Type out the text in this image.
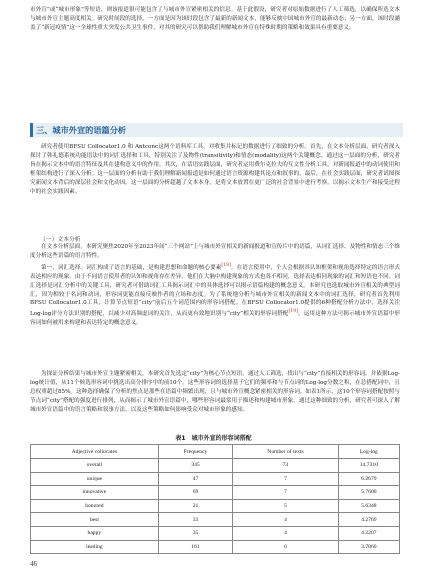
市外宣”或“城市形象”等短语，则该报道很可能包含了与城市外宣紧密相关的信息。基于此假设，研究者对原始数据进行了人工筛选，以确保所选文本与城市外宣主题高度相关。研究时间段的选择，一方面是因为该时段包含了最新的新闻文本，能够反映中国城市外宣的最新动态；另一方面，该时段涵盖了“新冠疫情”这一全球性重大突发公共卫生事件，对其的研究可以帮助我们理解城市外宣在特殊时期的策略和效果具有重要意义。

三、城市外宣的语篇分析

研究者使用BFSU Collocator1.0 和 Antconc这两个语料库工具，对收集并标记的数据进行了细致的分析。首先，在文本分析层面，研究者深入探讨了韩礼德系统功能语法中的词汇选择和工具，特别关注了及物性(transitivity)和情态(modality)这两个关键概念。通过这一层面的分析，研究者旨在揭示文本中的语言特征及其在建构意义中的作用。其次，在话语实践层面，研究者运用费尔克拉夫的互文性分析工具，对新闻报道中的动词使用和框架结构进行了深入分析。这一层面的分析有助于我们理解新闻报道是如何通过语言资源构建其论点和叙事的。最后，在社会实践层面，研究者试图探究新闻文本背后的深层社会和文化动因。这一层面的分析超越了文本本身，是将文本放置在更广泛的社会背景中进行考察，以揭示文本生产和接受过程中的社会实践因素。

（一）文本分析

在文本分析层面，本研究聚焦2020年至2023年间“三个网站”上与城市外宣相关的新闻报道和宣传片中的语篇，从词汇选择、及物性和情态三个维度分析这些语篇的语言特性。

第一，词汇选择。词汇构成了语言的基础，是构建思想和命题的核心要素[18]。在语言使用中，个人会根据其认知框架和视角选择特定的语言形式表达相应的现象。由于不同语言使用者的认知和视角存在差异，他们在大脑中构建现象的方式也各不相同，选择表达相同现象的词汇和短语也不同。词汇选择是词汇分析中的关键工具，研究者可借助词汇工具揭示词汇中的具体选择可以揭示语篇构建的概念意义。本研究也选取城市外宣相关的典型词汇，因为相较于名词和动词，形容词更能直接反映作者的立场和态度。为了系统地分析与城市外宣相关的新闻文本中的词汇选择，研究者首先利用BFSU Collocator1.0工具，计算节点短语“city”前后五个词范围内的形容词搭配。在BFSU Collocator1.0提供的6种搭配分析方法中，选择关注Log-log评分方法识别的搭配，以减少对高频虚词的关注，从而更有效地识别与“city”相关的形容词搭配[19]。运用这种方法可揭示城市外宣语篇中形容词如何被用来构建和表达特定的概念意义。

为探证分析结果与城市外宣主题紧密相关，本研究首先选定“city”为核心节点短语。通过人工筛选，找出与“city”直接相关的形容词，并依据Log-log统计值，从11个候选形容词中挑选出高分排序中的前10个。这些形容词的选择基于它们的频率和与节点词的Log-log分数之积，在总搭配词中，且总权重超过85%。这种选择确保了分析的焦点是那些在语篇中频繁出现，且与城市外宣概念紧密相关的形容词。如表1所示，这10个形容词搭配按照与节点词“city”搭配的强度进行排列，从而揭示了城市外宣语篇中，哪些形容词最常用于描述和构建城市形象。通过这种细致的分析，研究者可深入了解城市外宣语篇中的语言策略和叙事方法，以及这些策略如何影响受众对城市形象的感知。

表1　城市外宣的形容词搭配
Adjective collocates	Frequency	Number of texts	Log-log
overall	345	73	14.7310
unique	47	7	6.2679
innovative	69	7	5.7600
honored	21	5	5.6348
best	33	4	4.2769
happy	35	4	4.2207
leading	161	6	3.7060
46
